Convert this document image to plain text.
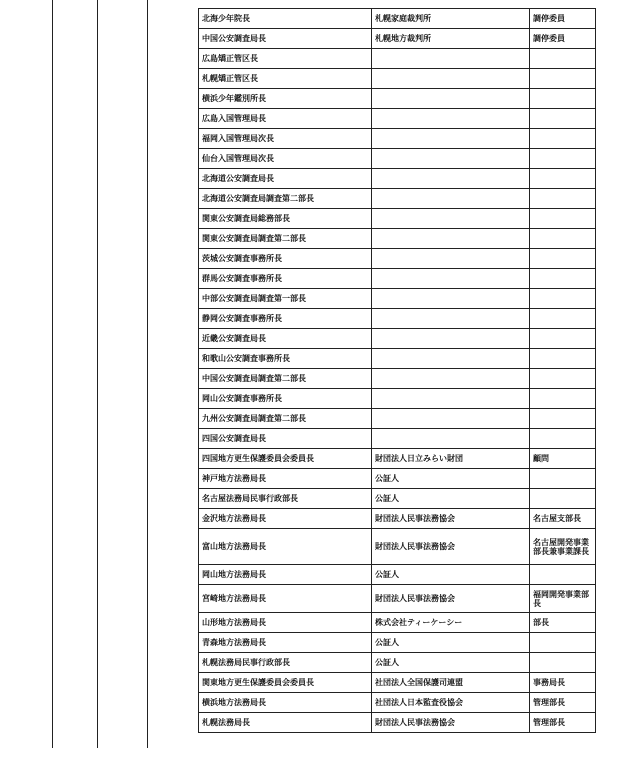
北海少年院長	札幌家庭裁判所	調停委員
中国公安調査局長	札幌地方裁判所	調停委員
広島矯正管区長		
札幌矯正管区長		
横浜少年鑑別所長		
広島入国管理局長		
福岡入国管理局次長		
仙台入国管理局次長		
北海道公安調査局長		
北海道公安調査局調査第二部長		
関東公安調査局総務部長		
関東公安調査局調査第二部長		
茨城公安調査事務所長		
群馬公安調査事務所長		
中部公安調査局調査第一部長		
静岡公安調査事務所長		
近畿公安調査局長		
和歌山公安調査事務所長		
中国公安調査局調査第二部長		
岡山公安調査事務所長		
九州公安調査局調査第二部長		
四国公安調査局長		
四国地方更生保護委員会委員長	財団法人日立みらい財団	顧問
神戸地方法務局長	公証人	
名古屋法務局民事行政部長	公証人	
金沢地方法務局長	財団法人民事法務協会	名古屋支部長
富山地方法務局長	財団法人民事法務協会	名古屋開発事業部長兼事業課長
岡山地方法務局長	公証人	
宮崎地方法務局長	財団法人民事法務協会	福岡開発事業部長
山形地方法務局長	株式会社ティーケーシー	部長
青森地方法務局長	公証人	
札幌法務局民事行政部長	公証人	
関東地方更生保護委員会委員長	社団法人全国保護司連盟	事務局長
横浜地方法務局長	社団法人日本監査役協会	管理部長
札幌法務局長	財団法人民事法務協会	管理部長
